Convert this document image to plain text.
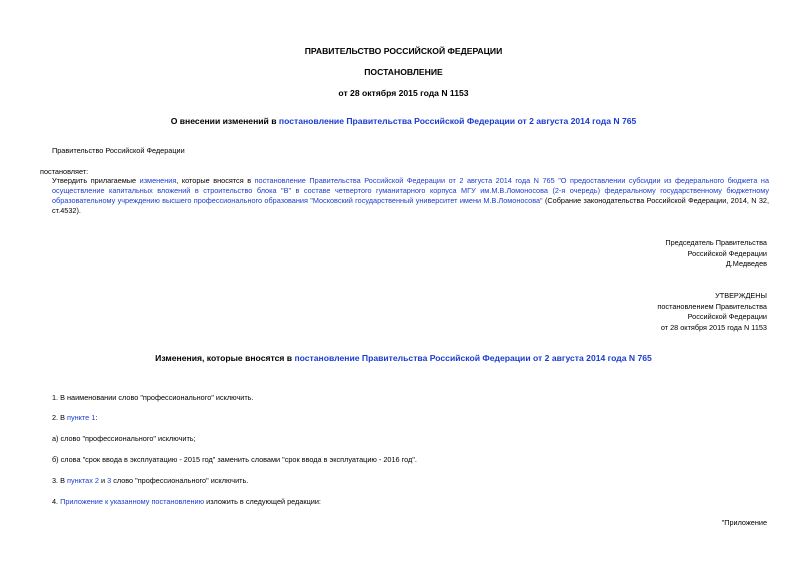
ПРАВИТЕЛЬСТВО РОССИЙСКОЙ ФЕДЕРАЦИИ
ПОСТАНОВЛЕНИЕ
от 28 октября 2015 года N 1153
О внесении изменений в постановление Правительства Российской Федерации от 2 августа 2014 года N 765
Правительство Российской Федерации
постановляет:
Утвердить прилагаемые изменения, которые вносятся в постановление Правительства Российской Федерации от 2 августа 2014 года N 765 "О предоставлении субсидии из федерального бюджета на осуществление капитальных вложений в строительство блока "В" в составе четвертого гуманитарного корпуса МГУ им.М.В.Ломоносова (2-я очередь) федеральному государственному бюджетному образовательному учреждению высшего профессионального образования "Московский государственный университет имени М.В.Ломоносова" (Собрание законодательства Российской Федерации, 2014, N 32, ст.4532).
Председатель Правительства
Российской Федерации
Д.Медведев
УТВЕРЖДЕНЫ
постановлением Правительства
Российской Федерации
от 28 октября 2015 года N 1153
Изменения, которые вносятся в постановление Правительства Российской Федерации от 2 августа 2014 года N 765
1. В наименовании слово "профессионального" исключить.
2. В пункте 1:
а) слово "профессионального" исключить;
б) слова "срок ввода в эксплуатацию - 2015 год" заменить словами "срок ввода в эксплуатацию - 2016 год".
3. В пунктах 2 и 3 слово "профессионального" исключить.
4. Приложение к указанному постановлению изложить в следующей редакции:
"Приложение
